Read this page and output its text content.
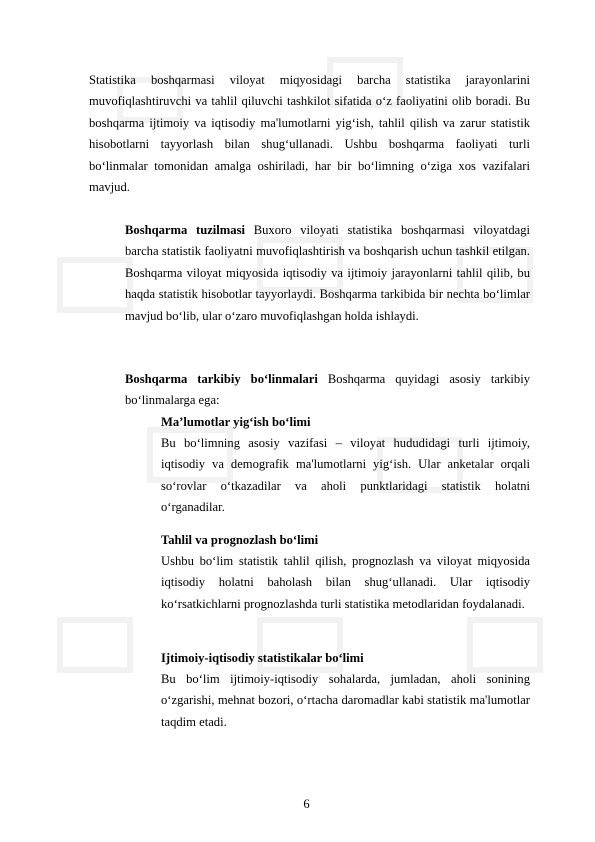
Statistika boshqarmasi viloyat miqyosidagi barcha statistika jarayonlarini muvofiqlashtiruvchi va tahlil qiluvchi tashkilot sifatida o‘z faoliyatini olib boradi. Bu boshqarma ijtimoiy va iqtisodiy ma'lumotlarni yig‘ish, tahlil qilish va zarur statistik hisobotlarni tayyorlash bilan shug‘ullanadi. Ushbu boshqarma faoliyati turli bo‘linmalar tomonidan amalga oshiriladi, har bir bo‘limning o‘ziga xos vazifalari mavjud.

Boshqarma tuzilmasi Buxoro viloyati statistika boshqarmasi viloyatdagi barcha statistik faoliyatni muvofiqlashtirish va boshqarish uchun tashkil etilgan. Boshqarma viloyat miqyosida iqtisodiy va ijtimoiy jarayonlarni tahlil qilib, bu haqda statistik hisobotlar tayyorlaydi. Boshqarma tarkibida bir nechta bo‘limlar mavjud bo‘lib, ular o‘zaro muvofiqlashgan holda ishlaydi.

Boshqarma tarkibiy bo‘linmalari Boshqarma quyidagi asosiy tarkibiy bo‘linmalarga ega:

Ma’lumotlar yig‘ish bo‘limi

Bu bo‘limning asosiy vazifasi – viloyat hududidagi turli ijtimoiy, iqtisodiy va demografik ma'lumotlarni yig‘ish. Ular anketalar orqali so‘rovlar o‘tkazadilar va aholi punktlaridagi statistik holatni o‘rganadilar.

Tahlil va prognozlash bo‘limi

Ushbu bo‘lim statistik tahlil qilish, prognozlash va viloyat miqyosida iqtisodiy holatni baholash bilan shug‘ullanadi. Ular iqtisodiy ko‘rsatkichlarni prognozlashda turli statistika metodlaridan foydalanadi.

Ijtimoiy-iqtisodiy statistikalar bo‘limi

Bu bo‘lim ijtimoiy-iqtisodiy sohalarda, jumladan, aholi sonining o‘zgarishi, mehnat bozori, o‘rtacha daromadlar kabi statistik ma'lumotlar taqdim etadi.

6
